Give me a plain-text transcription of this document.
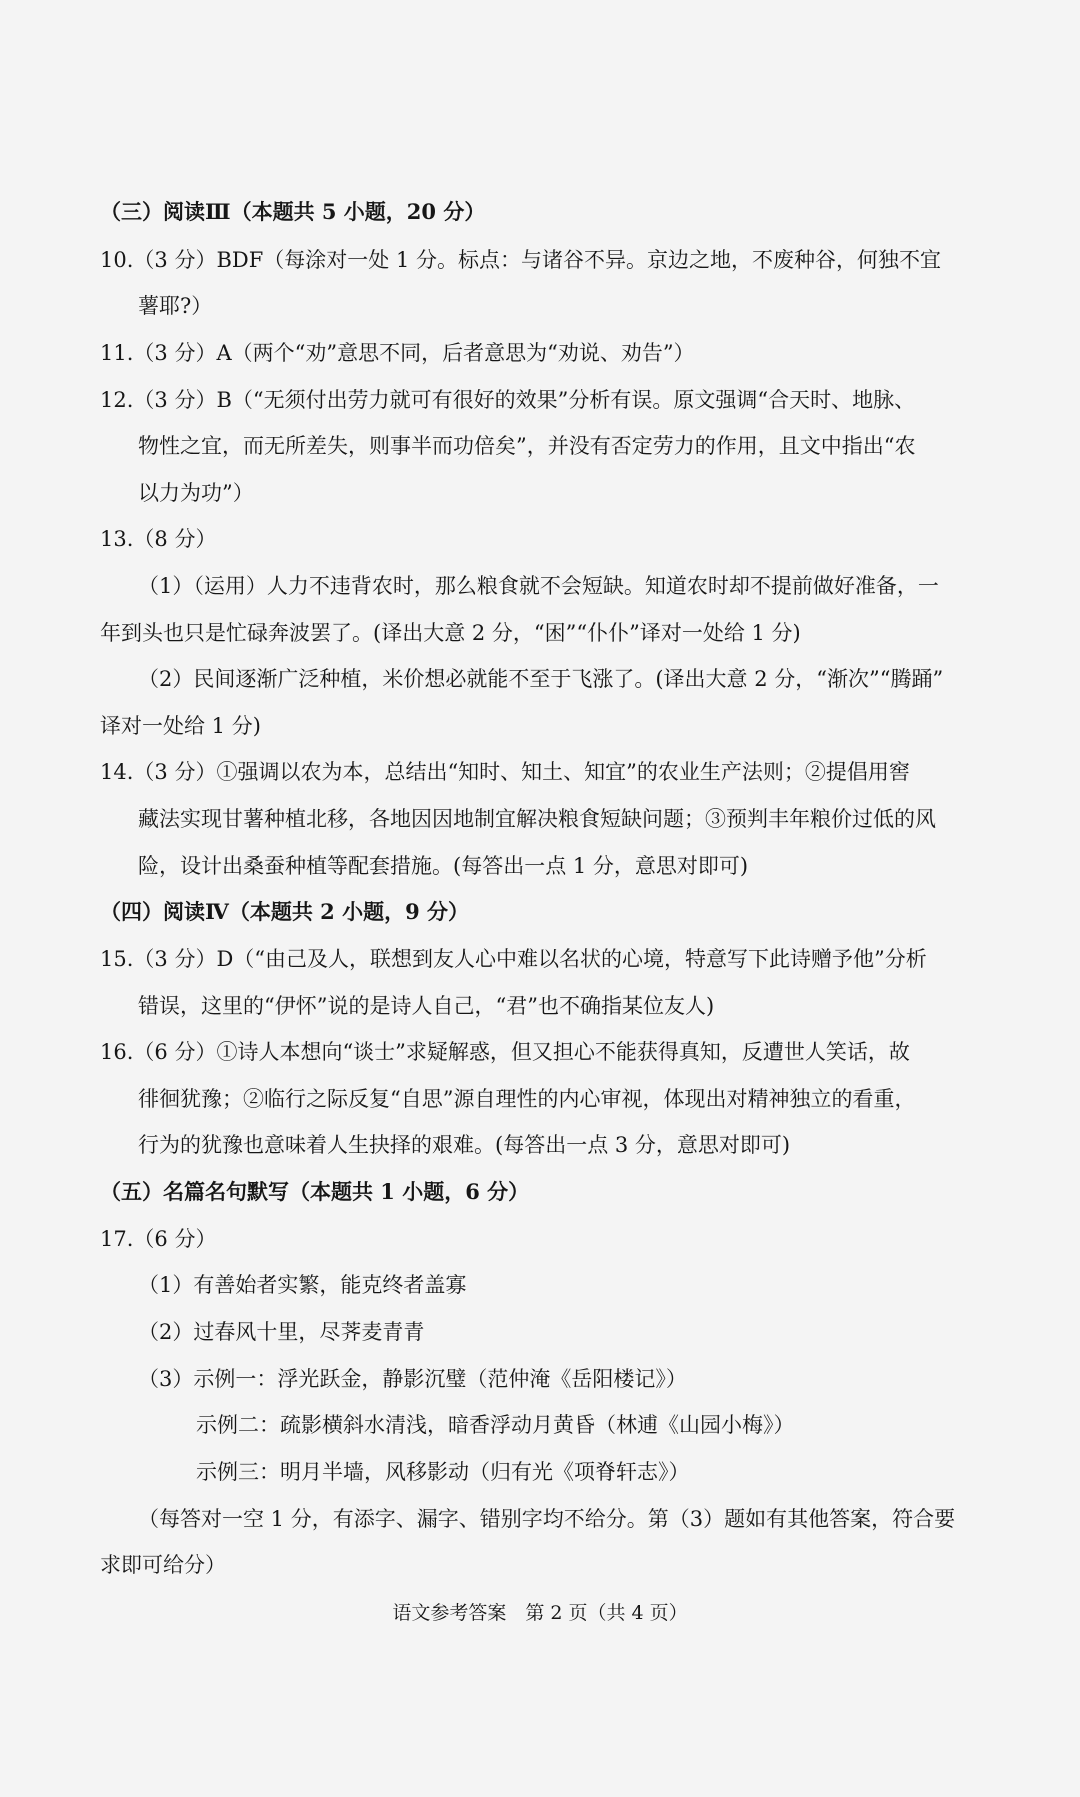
（三）阅读Ⅲ（本题共 5 小题，20 分）
10.（3 分）BDF（每涂对一处 1 分。标点：与诸谷不异。京边之地，不废种谷，何独不宜
薯耶?）
11.（3 分）A（两个“劝”意思不同，后者意思为“劝说、劝告”）
12.（3 分）B（“无须付出劳力就可有很好的效果”分析有误。原文强调“合天时、地脉、
物性之宜，而无所差失，则事半而功倍矣”，并没有否定劳力的作用，且文中指出“农
以力为功”）
13.（8 分）
（1）（运用）人力不违背农时，那么粮食就不会短缺。知道农时却不提前做好准备，一
年到头也只是忙碌奔波罢了。(译出大意 2 分，“困”“仆仆”译对一处给 1 分)
（2）民间逐渐广泛种植，米价想必就能不至于飞涨了。(译出大意 2 分，“渐次”“腾踊”
译对一处给 1 分)
14.（3 分）①强调以农为本，总结出“知时、知土、知宜”的农业生产法则；②提倡用窖
藏法实现甘薯种植北移，各地因因地制宜解决粮食短缺问题；③预判丰年粮价过低的风
险，设计出桑蚕种植等配套措施。(每答出一点 1 分，意思对即可)
（四）阅读Ⅳ（本题共 2 小题，9 分）
15.（3 分）D（“由己及人，联想到友人心中难以名状的心境，特意写下此诗赠予他”分析
错误，这里的“伊怀”说的是诗人自己，“君”也不确指某位友人)
16.（6 分）①诗人本想向“谈士”求疑解惑，但又担心不能获得真知，反遭世人笑话，故
徘徊犹豫；②临行之际反复“自思”源自理性的内心审视，体现出对精神独立的看重，
行为的犹豫也意味着人生抉择的艰难。(每答出一点 3 分，意思对即可)
（五）名篇名句默写（本题共 1 小题，6 分）
17.（6 分）
（1）有善始者实繁，能克终者盖寡
（2）过春风十里，尽荠麦青青
（3）示例一：浮光跃金，静影沉璧（范仲淹《岳阳楼记》）
示例二：疏影横斜水清浅，暗香浮动月黄昏（林逋《山园小梅》）
示例三：明月半墙，风移影动（归有光《项脊轩志》）
（每答对一空 1 分，有添字、漏字、错别字均不给分。第（3）题如有其他答案，符合要
求即可给分）
语文参考答案　第 2 页（共 4 页）
